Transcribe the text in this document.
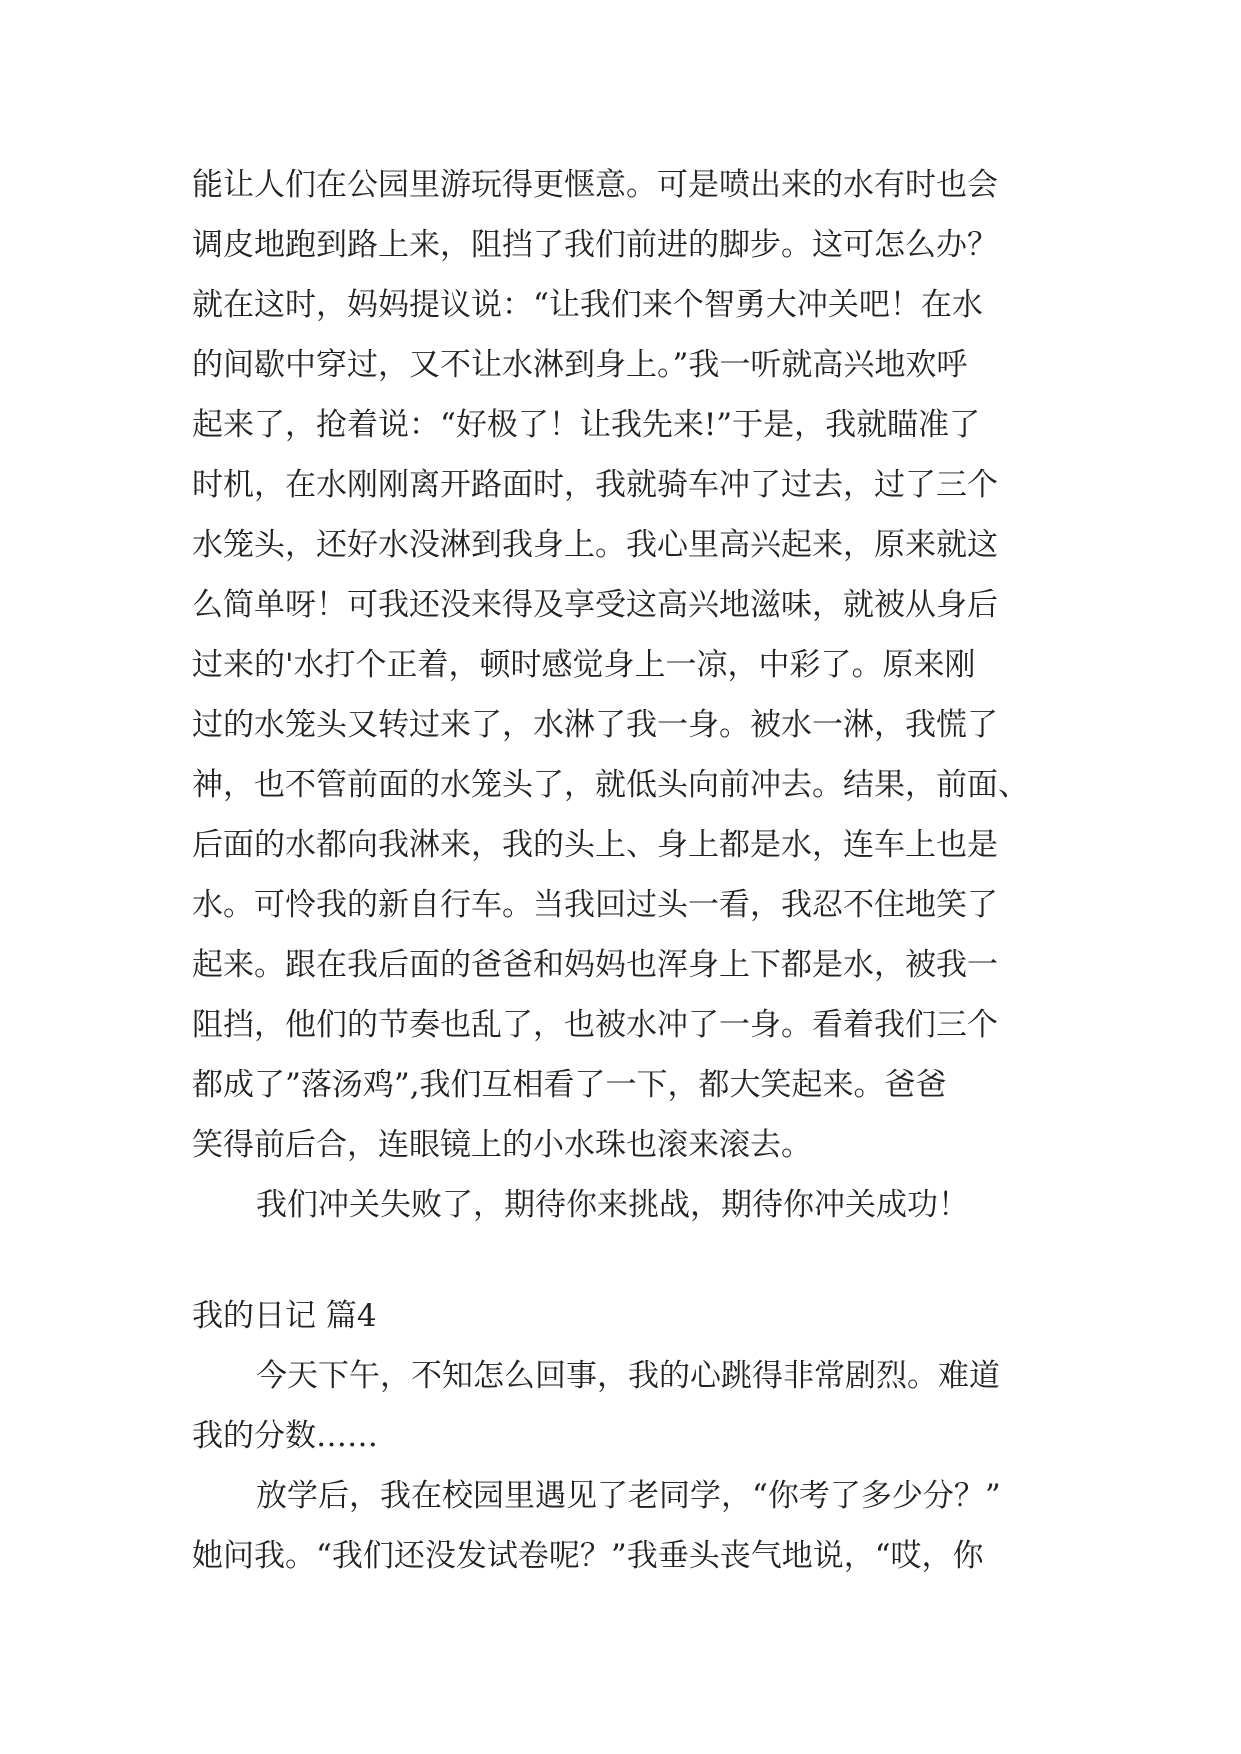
能让人们在公园里游玩得更惬意。可是喷出来的水有时也会
调皮地跑到路上来，阻挡了我们前进的脚步。这可怎么办？
就在这时，妈妈提议说：“让我们来个智勇大冲关吧！在水
的间歇中穿过，又不让水淋到身上。”我一听就高兴地欢呼
起来了，抢着说：“好极了！让我先来!”于是，我就瞄准了
时机，在水刚刚离开路面时，我就骑车冲了过去，过了三个
水笼头，还好水没淋到我身上。我心里高兴起来，原来就这
么简单呀！可我还没来得及享受这高兴地滋味，就被从身后
过来的'水打个正着，顿时感觉身上一凉，中彩了。原来刚
过的水笼头又转过来了，水淋了我一身。被水一淋，我慌了
神，也不管前面的水笼头了，就低头向前冲去。结果，前面、
后面的水都向我淋来，我的头上、身上都是水，连车上也是
水。可怜我的新自行车。当我回过头一看，我忍不住地笑了
起来。跟在我后面的爸爸和妈妈也浑身上下都是水，被我一
阻挡，他们的节奏也乱了，也被水冲了一身。看着我们三个
都成了”落汤鸡”,我们互相看了一下，都大笑起来。爸爸
笑得前后合，连眼镜上的小水珠也滚来滚去。
我们冲关失败了，期待你来挑战，期待你冲关成功！
我的日记 篇4
今天下午，不知怎么回事，我的心跳得非常剧烈。难道
我的分数……
放学后，我在校园里遇见了老同学，“你考了多少分？”
她问我。“我们还没发试卷呢？”我垂头丧气地说，“哎，你
